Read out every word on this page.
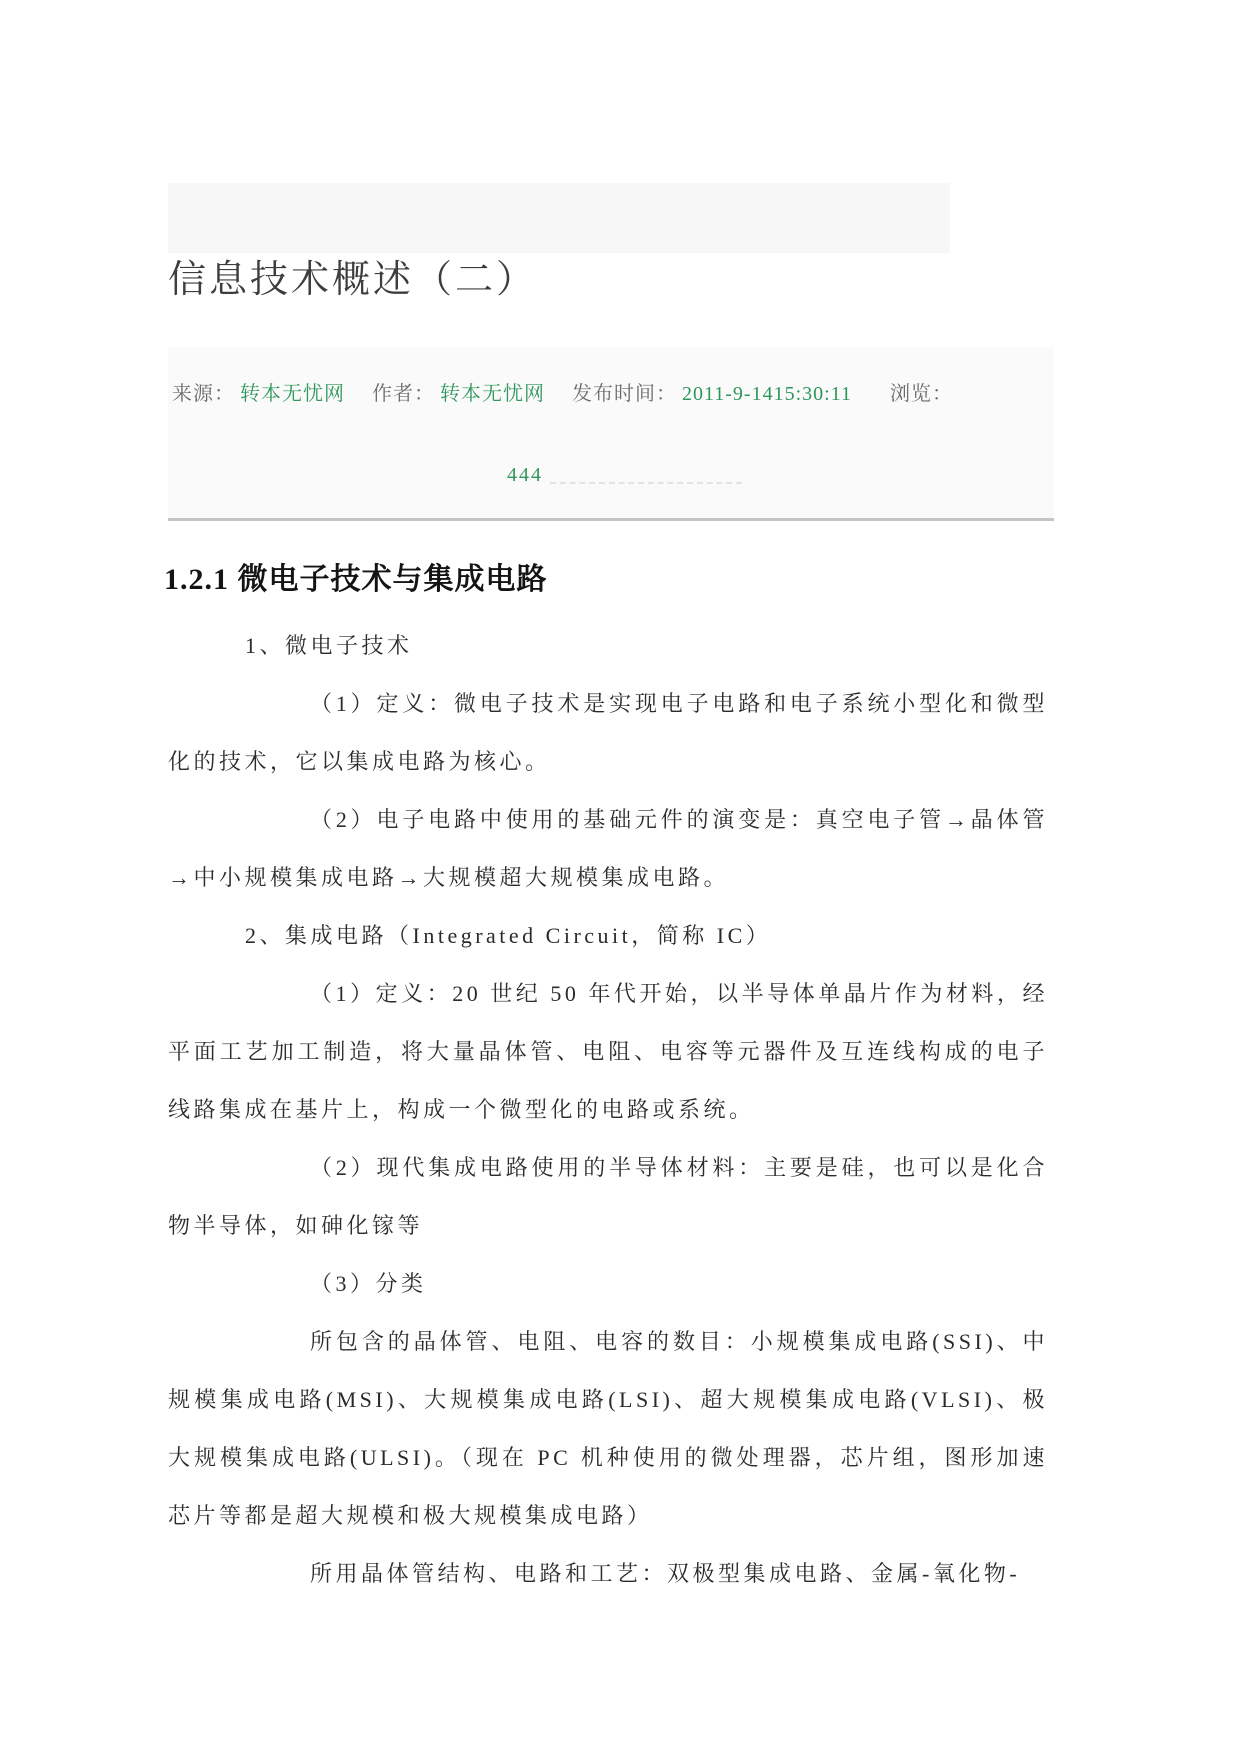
信息技术概述（二）
来源： 转本无忧网 作者： 转本无忧网 发布时间： 2011-9-1415:30:11 浏览：
444
1.2.1 微电子技术与集成电路

1、微电子技术

（1）定义：微电子技术是实现电子电路和电子系统小型化和微型化的技术，它以集成电路为核心。

（2）电子电路中使用的基础元件的演变是：真空电子管→晶体管→中小规模集成电路→大规模超大规模集成电路。

2、集成电路（Integrated Circuit，简称 IC）

（1）定义：20 世纪 50 年代开始，以半导体单晶片作为材料，经平面工艺加工制造，将大量晶体管、电阻、电容等元器件及互连线构成的电子线路集成在基片上，构成一个微型化的电路或系统。

（2）现代集成电路使用的半导体材料：主要是硅，也可以是化合物半导体，如砷化镓等

（3）分类

所包含的晶体管、电阻、电容的数目：小规模集成电路(SSI)、中规模集成电路(MSI)、大规模集成电路(LSI)、超大规模集成电路(VLSI)、极大规模集成电路(ULSI)。（现在 PC 机种使用的微处理器，芯片组，图形加速芯片等都是超大规模和极大规模集成电路）

所用晶体管结构、电路和工艺：双极型集成电路、金属-氧化物-
